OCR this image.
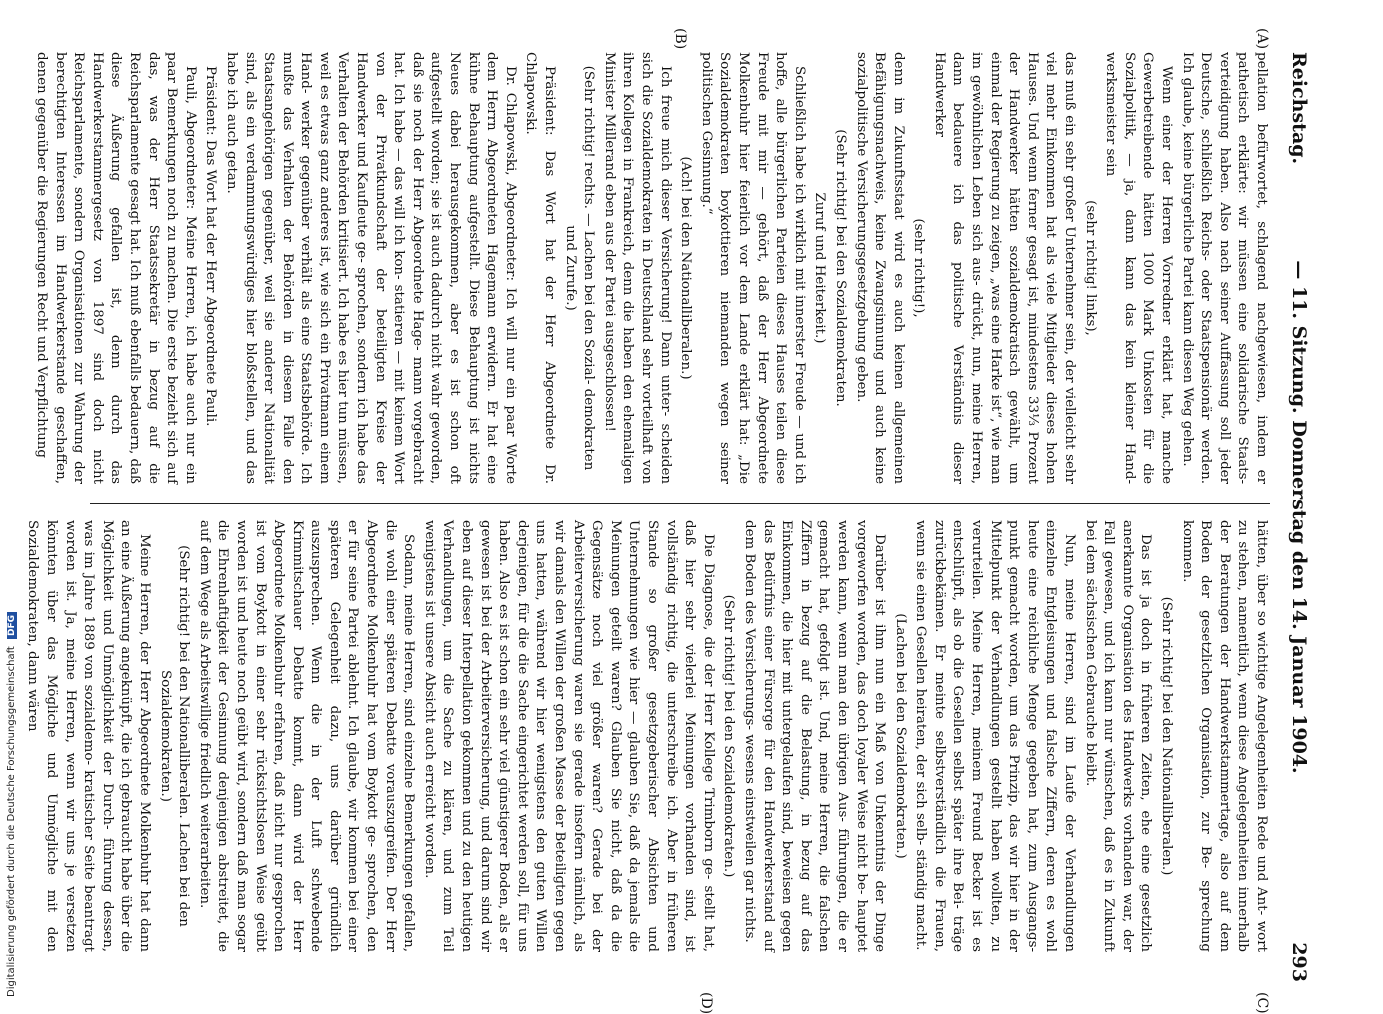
Reichstag.
— 11. Sitzung. Donnerstag den 14. Januar 1904.
293
(A)
(B)
(C)
(D)

pellation befürwortet, schlagend nachgewiesen, indem er pathetisch erklärte: wir müssen eine solidarische Staats- verteidigung haben. Also nach seiner Auffassung soll jeder Deutsche, schließlich Reichs- oder Staatspensionär werden. Ich glaube, keine bürgerliche Partei kann diesen Weg gehen.

Wenn einer der Herren Vorredner erklärt hat, manche Gewerbetreibende hätten 1000 Mark Unkosten für die Sozialpolitik, — ja, dann kann das kein kleiner Hand- werksmeister sein

(sehr richtig! links),

das muß ein sehr großer Unternehmer sein, der vielleicht sehr viel mehr Einkommen hat als viele Mitglieder dieses hohen Hauses. Und wenn ferner gesagt ist, mindestens 33⅓ Prozent der Handwerker hätten sozialdemokratisch gewählt, um einmal der Regierung zu zeigen, „was eine Harke ist“, wie man im gewöhnlichen Leben sich aus- drückt, nun, meine Herren, dann bedauere ich das politische Verständnis dieser Handwerker

(sehr richtig!),

denn im Zukunftsstaat wird es auch keinen allgemeinen Befähigungsnachweis, keine Zwangsinnung und auch keine sozialpolitische Versicherungsgesetzgebung geben.

(Sehr richtig! bei den Sozialdemokraten.

Zuruf und Heiterkeit.)

Schließlich habe ich wirklich mit innerster Freude — und ich hoffe, alle bürgerlichen Parteien dieses Hauses teilen diese Freude mit mir — gehört, daß der Herr Abgeordnete Molkenbuhr hier feierlich vor dem Lande erklärt hat: „Die Sozialdemokraten boykottieren niemanden wegen seiner politischen Gesinnung.“

(Ach! bei den Nationalliberalen.)

Ich freue mich dieser Versicherung! Dann unter- scheiden sich die Sozialdemokraten in Deutschland sehr vorteilhaft von ihren Kollegen in Frankreich, denn die haben den ehemaligen Minister Millerand eben aus der Partei ausgeschlossen!

(Sehr richtig! rechts. — Lachen bei den Sozial- demokraten und Zurufe.)

Präsident: Das Wort hat der Herr Abgeordnete Dr. Chlapowski.

Dr. Chlapowski, Abgeordneter: Ich will nur ein paar Worte dem Herrn Abgeordneten Hagemann erwidern. Er hat eine kühne Behauptung aufgestellt. Diese Behauptung ist nichts Neues dabei herausgekommen, aber es ist schon oft aufgestellt worden; sie ist auch dadurch nicht wahr geworden, daß sie noch der Herr Abgeordnete Hage- mann vorgebracht hat. Ich habe — das will ich kon- statieren — mit keinem Wort von der Privatkundschaft der beteiligten Kreise der Handwerker und Kaufleute ge- sprochen, sondern ich habe das Verhalten der Behörden kritisiert. Ich habe es hier tun müssen, weil es etwas ganz anderes ist, wie sich ein Privatmann einem Hand- werker gegenüber verhält als eine Staatsbehörde. Ich mußte das Verhalten der Behörden in diesem Falle den Staatsangehörigen gegenüber, weil sie anderer Nationalität sind, als ein verdammungswürdiges hier bloßstellen, und das habe ich auch getan.

Präsident: Das Wort hat der Herr Abgeordnete Pauli.

Pauli, Abgeordneter: Meine Herren, ich habe auch nur ein paar Bemerkungen noch zu machen. Die erste bezieht sich auf das, was der Herr Staatssekretär in bezug auf die Reichsparlamente gesagt hat. Ich muß ebenfalls bedauern, daß diese Äußerung gefallen ist, denn durch das Handwerkerstammergesetz von 1897 sind doch nicht Reichsparlamente, sondern Organisationen zur Wahrung der berechtigten Interessen im Handwerkerstande geschaffen, denen gegenüber die Regierungen Recht und Verpflichtung

hätten, über so wichtige Angelegenheiten Rede und Ant- wort zu stehen, namentlich, wenn diese Angelegenheiten innerhalb der Beratungen der Handwerkstammertage, also auf dem Boden der gesetzlichen Organisation, zur Be- sprechung kommen.

(Sehr richtig! bei den Nationalliberalen.)

Das ist ja doch in früheren Zeiten, ehe eine gesetzlich anerkannte Organisation des Handwerks vorhanden war, der Fall gewesen, und ich kann nur wünschen, daß es in Zukunft bei dem sächsischen Gebrauche bleibt.

Nun, meine Herren, sind im Laufe der Verhandlungen einzelne Entgleisungen und falsche Ziffern, deren es wohl heute eine reichliche Menge gegeben hat, zum Ausgangs- punkt gemacht worden, um das Prinzip, das wir hier in der Mittelpunkt der Verhandlungen gestellt haben wollten, zu verurteilen. Meine Herren, meinem Freund Becker ist es entschlüpft, als ob die Gesellen selbst später ihre Bei- träge zurückbekämen. Er meinte selbstverständlich die Frauen, wenn sie einen Gesellen heiraten, der sich selb- ständig macht.

(Lachen bei den Sozialdemokraten.)

Darüber ist ihm nun ein Maß von Unkenntnis der Dinge vorgeworfen worden, das doch loyaler Weise nicht be- hauptet werden kann, wenn man den übrigen Aus- führungen, die er gemacht hat, gefolgt ist. Und, meine Herren, die falschen Ziffern in bezug auf die Belastung, in bezug auf das Einkommen, die hier mit untergelaufen sind, beweisen gegen das Bedürfnis einer Fürsorge für den Handwerkerstand auf dem Boden des Versicherungs- wesens einstweilen gar nichts.

(Sehr richtig! bei den Sozialdemokraten.)

Die Diagnose, die der Herr Kollege Trimborn ge- stellt hat, daß hier sehr vielerlei Meinungen vorhanden sind, ist vollständig richtig, die unterschreibe ich. Aber in früheren Stande so großer gesetzgeberischer Absichten und Unternehmungen wie hier — glauben Sie, daß da jemals die Meinungen geteilt waren? Glauben Sie nicht, daß da die Gegensätze noch viel größer waren? Gerade bei der Arbeiterversicherung waren sie gerade insofern nämlich, als wir damals den Willen der großen Masse der Beteiligten gegen uns hatten, während wir hier wenigstens den guten Willen derjenigen, für die die Sache eingerichtet werden soll, für uns haben. Also es ist schon ein sehr viel günstigerer Boden, als er gewesen ist bei der Arbeiterversicherung, und darum sind wir eben auf dieser Interpellation gekommen und zu den heutigen Verhandlungen, um die Sache zu klären, und zum Teil wenigstens ist unsere Absicht auch erreicht worden.

Sodann, meine Herren, sind einzelne Bemerkungen gefallen, die wohl einer späteren Debatte vorauszugreifen. Der Herr Abgeordnete Molkenbuhr hat vom Boykott ge- sprochen, den er für seine Partei ablehnt. Ich glaube, wir kommen bei einer späteren Gelegenheit dazu, uns darüber gründlich auszusprechen. Wenn die in der Luft schwebende Krimmitschauer Debatte kommt, dann wird der Herr Abgeordnete Molkenbuhr erfahren, daß nicht nur gesprochen ist vom Boykott in einer sehr rücksichtslosen Weise geübt worden ist und heute noch geübt wird, sondern daß man sogar die Ehrenhaftigkeit der Gesinnung denjenigen abstreitet, die auf dem Wege als Arbeitswillige friedlich weiterarbeiten.

(Sehr richtig! bei den Nationalliberalen. Lachen bei den Sozialdemokraten.)

Meine Herren, der Herr Abgeordnete Molkenbuhr hat dann an eine Äußerung angeknüpft, die ich gebraucht habe über die Möglichkeit und Unmöglichkeit der Durch- führung dessen, was im Jahre 1889 von sozialdemo- kratischer Seite beantragt worden ist. Ja, meine Herren, wenn wir uns je versetzen könnten über das Mögliche und Unmögliche mit den Sozialdemokraten, dann wären

Digitalisierung gefördert durch die Deutsche Forschungsgemeinschaft DFG
